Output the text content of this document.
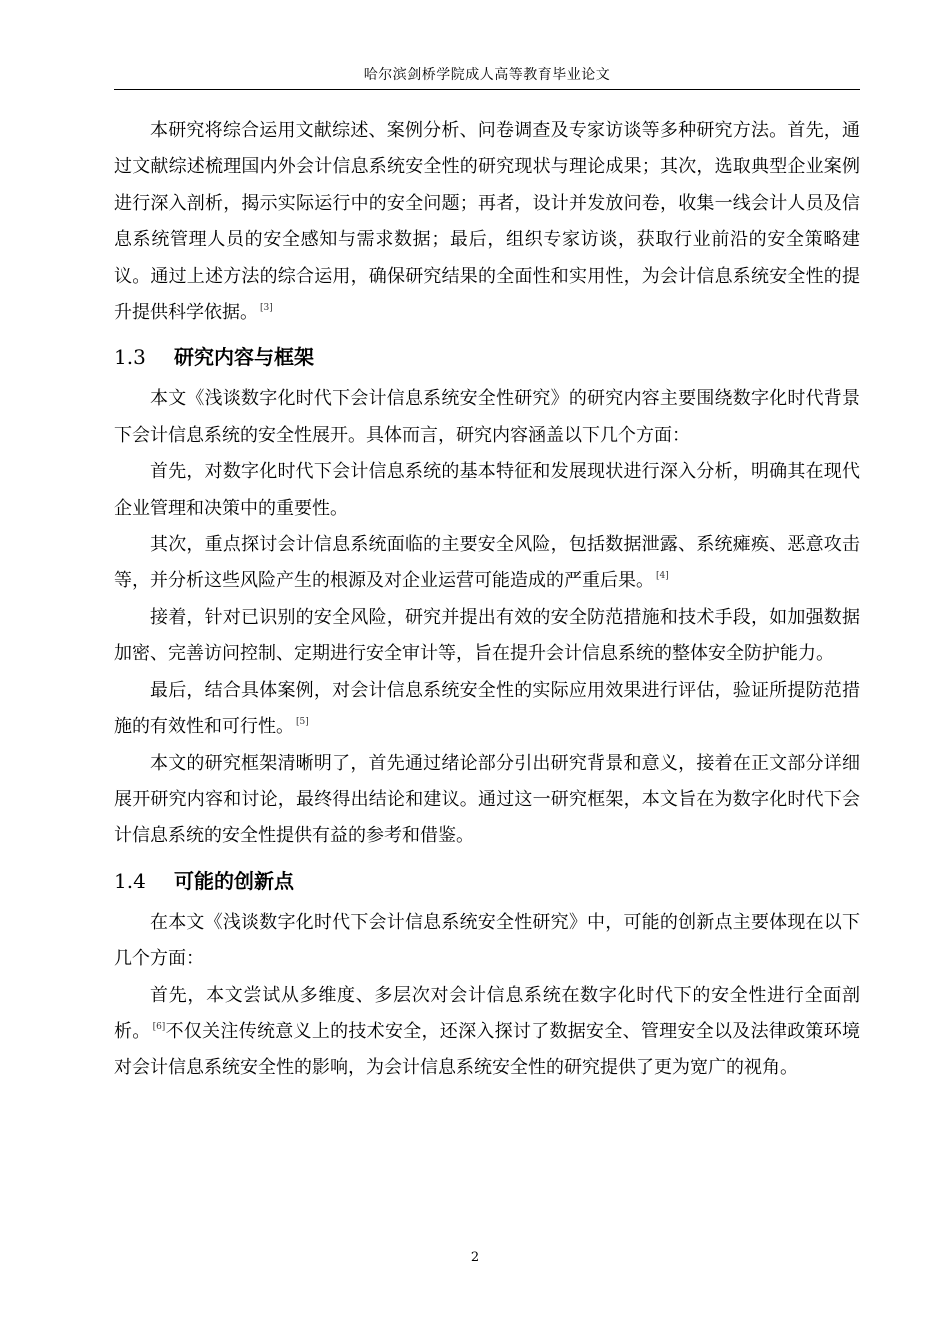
哈尔滨剑桥学院成人高等教育毕业论文

本研究将综合运用文献综述、案例分析、问卷调查及专家访谈等多种研究方法。首先，通过文献综述梳理国内外会计信息系统安全性的研究现状与理论成果；其次，选取典型企业案例进行深入剖析，揭示实际运行中的安全问题；再者，设计并发放问卷，收集一线会计人员及信息系统管理人员的安全感知与需求数据；最后，组织专家访谈，获取行业前沿的安全策略建议。通过上述方法的综合运用，确保研究结果的全面性和实用性，为会计信息系统安全性的提升提供科学依据。 [3]

1.3 研究内容与框架

本文《浅谈数字化时代下会计信息系统安全性研究》的研究内容主要围绕数字化时代背景下会计信息系统的安全性展开。具体而言，研究内容涵盖以下几个方面：

首先，对数字化时代下会计信息系统的基本特征和发展现状进行深入分析，明确其在现代企业管理和决策中的重要性。

其次，重点探讨会计信息系统面临的主要安全风险，包括数据泄露、系统瘫痪、恶意攻击等，并分析这些风险产生的根源及对企业运营可能造成的严重后果。 [4]

接着，针对已识别的安全风险，研究并提出有效的安全防范措施和技术手段，如加强数据加密、完善访问控制、定期进行安全审计等，旨在提升会计信息系统的整体安全防护能力。

最后，结合具体案例，对会计信息系统安全性的实际应用效果进行评估，验证所提防范措施的有效性和可行性。 [5]

本文的研究框架清晰明了，首先通过绪论部分引出研究背景和意义，接着在正文部分详细展开研究内容和讨论，最终得出结论和建议。通过这一研究框架，本文旨在为数字化时代下会计信息系统的安全性提供有益的参考和借鉴。

1.4 可能的创新点

在本文《浅谈数字化时代下会计信息系统安全性研究》中，可能的创新点主要体现在以下几个方面：

首先，本文尝试从多维度、多层次对会计信息系统在数字化时代下的安全性进行全面剖析。 [6]不仅关注传统意义上的技术安全，还深入探讨了数据安全、管理安全以及法律政策环境对会计信息系统安全性的影响，为会计信息系统安全性的研究提供了更为宽广的视角。

2
